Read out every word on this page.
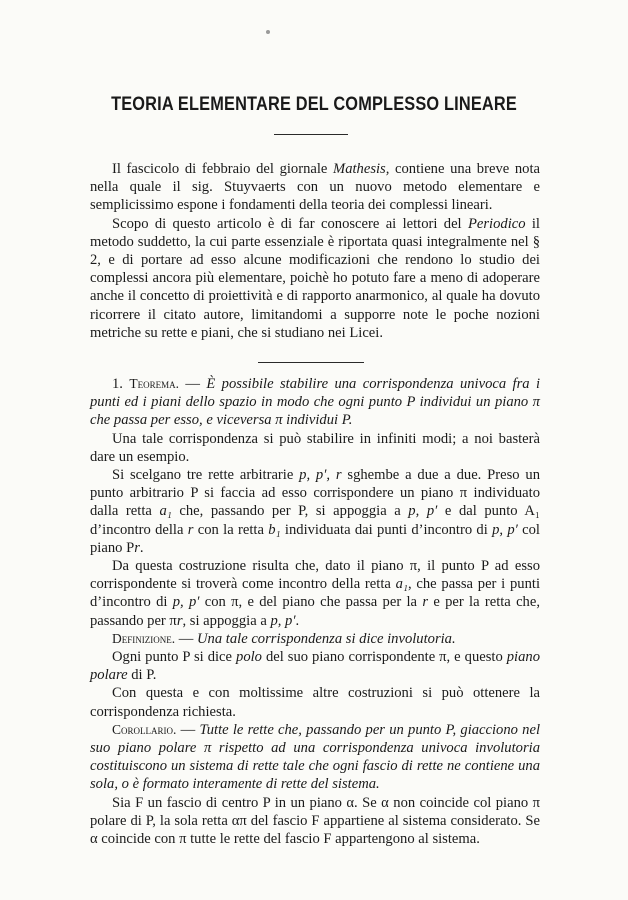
TEORIA ELEMENTARE DEL COMPLESSO LINEARE

Il fascicolo di febbraio del giornale Mathesis, contiene una breve nota nella quale il sig. Stuyvaerts con un nuovo metodo elementare e semplicissimo espone i fondamenti della teoria dei complessi lineari.

Scopo di questo articolo è di far conoscere ai lettori del Periodico il metodo suddetto, la cui parte essenziale è riportata quasi integralmente nel § 2, e di portare ad esso alcune modificazioni che rendono lo studio dei complessi ancora più elementare, poichè ho potuto fare a meno di adoperare anche il concetto di proiettività e di rapporto anarmonico, al quale ha dovuto ricorrere il citato autore, limitandomi a supporre note le poche nozioni metriche su rette e piani, che si studiano nei Licei.

1. Teorema. — È possibile stabilire una corrispondenza univoca fra i punti ed i piani dello spazio in modo che ogni punto P individui un piano π che passa per esso, e viceversa π individui P.

Una tale corrispondenza si può stabilire in infiniti modi; a noi basterà dare un esempio.

Si scelgano tre rette arbitrarie p, p′, r sghembe a due a due. Preso un punto arbitrario P si faccia ad esso corrispondere un piano π individuato dalla retta a₁ che, passando per P, si appoggia a p, p′ e dal punto A₁ d’incontro della r con la retta b₁ individuata dai punti d’incontro di p, p′ col piano Pr.

Da questa costruzione risulta che, dato il piano π, il punto P ad esso corrispondente si troverà come incontro della retta a₁, che passa per i punti d’incontro di p, p′ con π, e del piano che passa per la r e per la retta che, passando per πr, si appoggia a p, p′.

Definizione. — Una tale corrispondenza si dice involutoria.

Ogni punto P si dice polo del suo piano corrispondente π, e questo piano polare di P.

Con questa e con moltissime altre costruzioni si può ottenere la corrispondenza richiesta.

Corollario. — Tutte le rette che, passando per un punto P, giacciono nel suo piano polare π rispetto ad una corrispondenza univoca involutoria costituiscono un sistema di rette tale che ogni fascio di rette ne contiene una sola, o è formato interamente di rette del sistema.

Sia F un fascio di centro P in un piano α. Se α non coincide col piano π polare di P, la sola retta απ del fascio F appartiene al sistema considerato. Se α coincide con π tutte le rette del fascio F appartengono al sistema.
